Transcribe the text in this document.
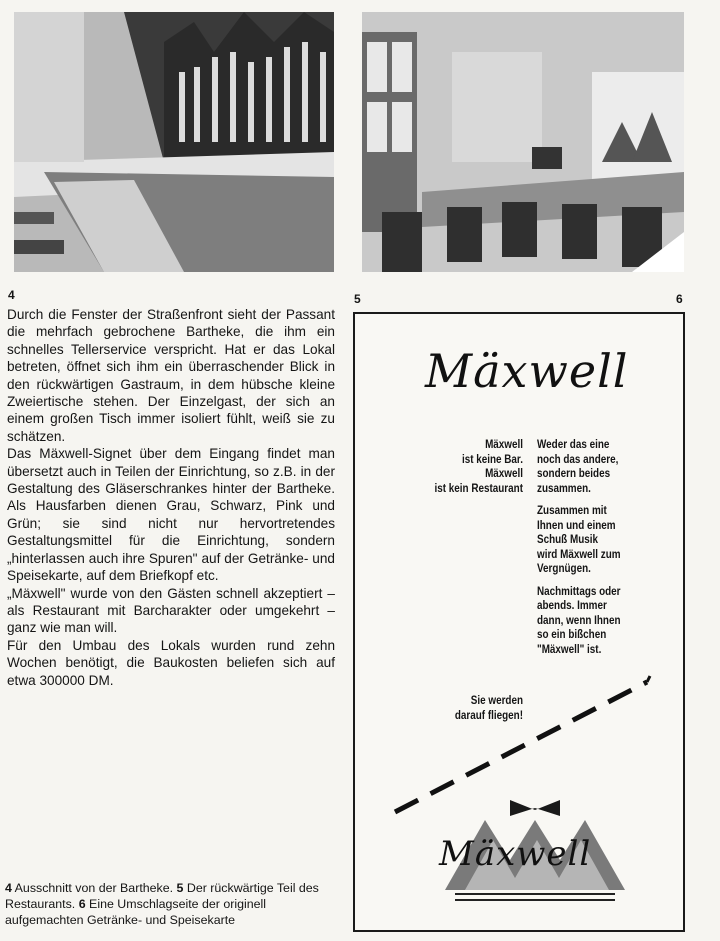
4	5	6

Durch die Fenster der Straßenfront sieht der Passant die mehrfach gebrochene Bartheke, die ihm ein schnelles Tellerservice verspricht. Hat er das Lokal betreten, öffnet sich ihm ein überraschender Blick in den rückwärtigen Gastraum, in dem hübsche kleine Zweiertische stehen. Der Einzelgast, der sich an einem großen Tisch immer isoliert fühlt, weiß sie zu schätzen.

Das Mäxwell-Signet über dem Eingang findet man übersetzt auch in Teilen der Einrichtung, so z.B. in der Gestaltung des Gläserschrankes hinter der Bartheke. Als Hausfarben dienen Grau, Schwarz, Pink und Grün; sie sind nicht nur hervortretendes Gestaltungsmittel für die Einrichtung, sondern „hinterlassen auch ihre Spuren" auf der Getränke- und Speisekarte, auf dem Briefkopf etc.

„Mäxwell" wurde von den Gästen schnell akzeptiert – als Restaurant mit Barcharakter oder umgekehrt – ganz wie man will.

Für den Umbau des Lokals wurden rund zehn Wochen benötigt, die Baukosten beliefen sich auf etwa 300000 DM.

4 Ausschnitt von der Bartheke. 5 Der rückwärtige Teil des Restaurants. 6 Eine Umschlagseite der originell aufgemachten Getränke- und Speisekarte
Mäxwell
Mäxwell
ist keine Bar.
Mäxwell
ist kein Restaurant

Weder das eine
noch das andere,
sondern beides
zusammen.

Zusammen mit
Ihnen und einem
Schuß Musik
wird Mäxwell zum
Vergnügen.

Nachmittags oder
abends. Immer
dann, wenn Ihnen
so ein bißchen
"Mäxwell" ist.

Sie werden
darauf fliegen!
Mäxwell
